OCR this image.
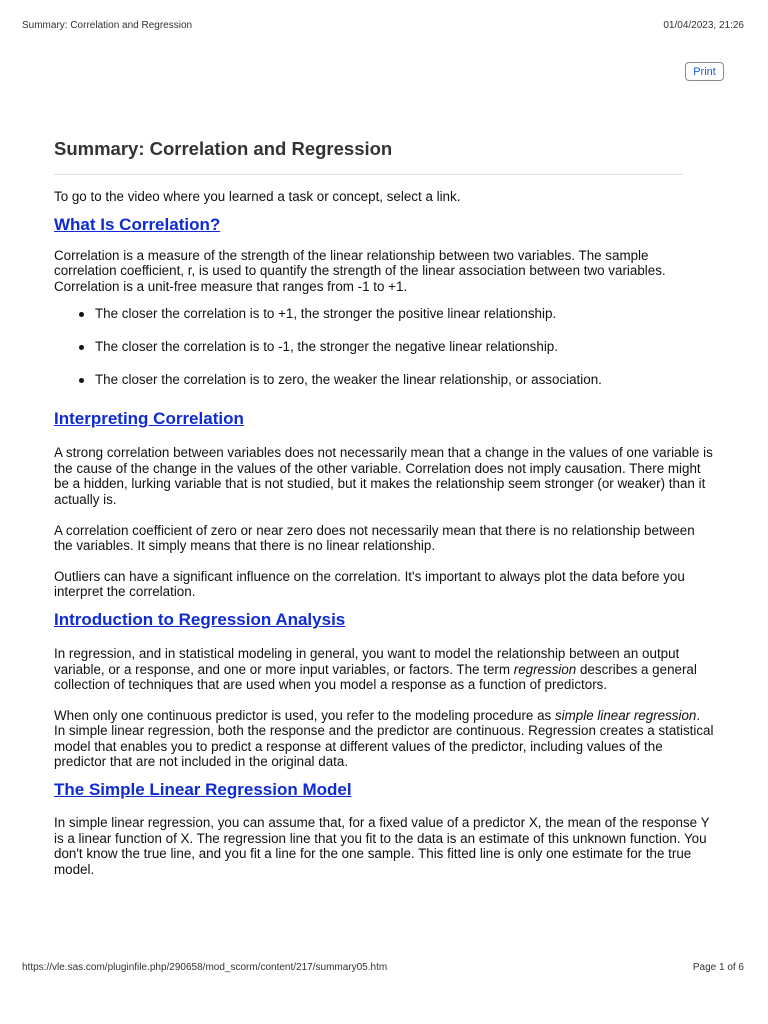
Summary: Correlation and Regression	01/04/2023, 21:26
Print
Summary: Correlation and Regression

To go to the video where you learned a task or concept, select a link.

What Is Correlation?

Correlation is a measure of the strength of the linear relationship between two variables. The sample correlation coefficient, r, is used to quantify the strength of the linear association between two variables. Correlation is a unit-free measure that ranges from -1 to +1.

The closer the correlation is to +1, the stronger the positive linear relationship.
The closer the correlation is to -1, the stronger the negative linear relationship.
The closer the correlation is to zero, the weaker the linear relationship, or association.
Interpreting Correlation

A strong correlation between variables does not necessarily mean that a change in the values of one variable is the cause of the change in the values of the other variable. Correlation does not imply causation. There might be a hidden, lurking variable that is not studied, but it makes the relationship seem stronger (or weaker) than it actually is.

A correlation coefficient of zero or near zero does not necessarily mean that there is no relationship between the variables. It simply means that there is no linear relationship.

Outliers can have a significant influence on the correlation. It's important to always plot the data before you interpret the correlation.

Introduction to Regression Analysis

In regression, and in statistical modeling in general, you want to model the relationship between an output variable, or a response, and one or more input variables, or factors. The term regression describes a general collection of techniques that are used when you model a response as a function of predictors.

When only one continuous predictor is used, you refer to the modeling procedure as simple linear regression. In simple linear regression, both the response and the predictor are continuous. Regression creates a statistical model that enables you to predict a response at different values of the predictor, including values of the predictor that are not included in the original data.

The Simple Linear Regression Model

In simple linear regression, you can assume that, for a fixed value of a predictor X, the mean of the response Y is a linear function of X. The regression line that you fit to the data is an estimate of this unknown function. You don't know the true line, and you fit a line for the one sample. This fitted line is only one estimate for the true model.

https://vle.sas.com/pluginfile.php/290658/mod_scorm/content/217/summary05.htm	Page 1 of 6
